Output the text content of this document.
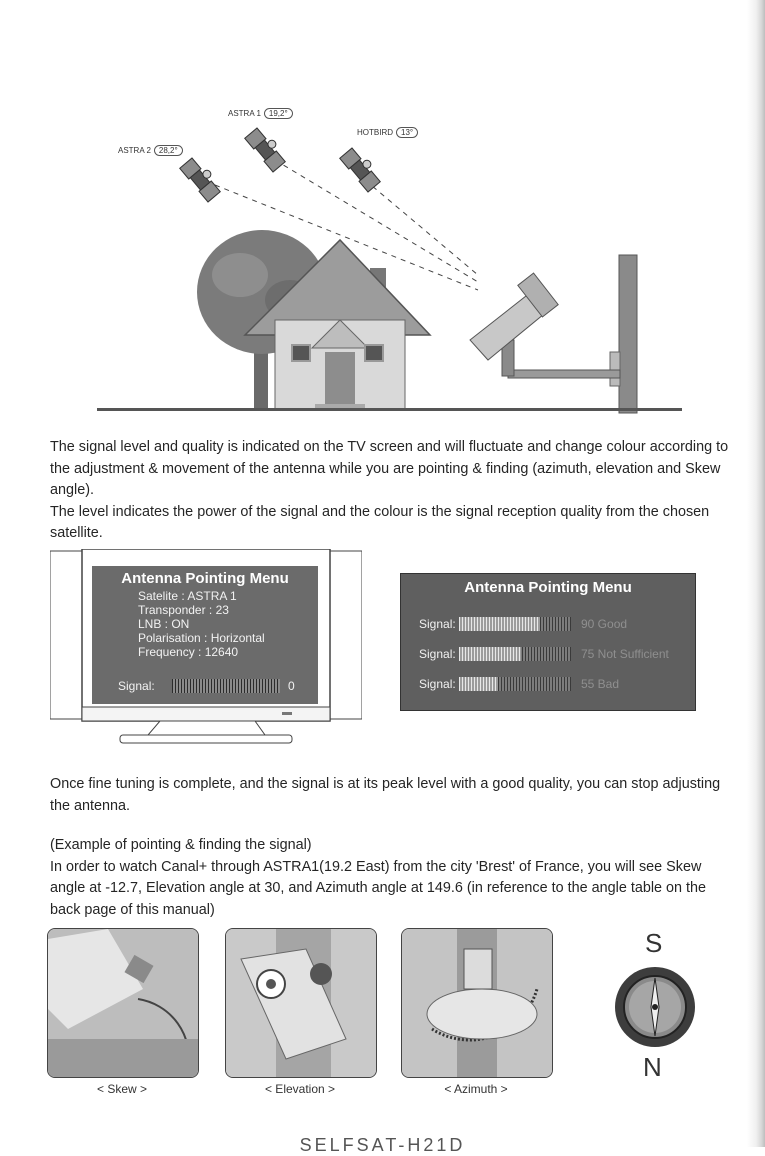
ASTRA 2 28,2°
ASTRA 1 19,2°
HOTBIRD 13°

The signal level and quality is indicated on the TV screen and will fluctuate and change colour according to the adjustment & movement of the antenna while you are pointing & finding (azimuth, elevation and Skew angle).

The level indicates the power of the signal and the colour is the signal reception quality from the chosen satellite.

Antenna Pointing Menu
Satelite : ASTRA 1
Transponder : 23
LNB : ON
Polarisation : Horizontal
Frequency : 12640
Signal:	0
Antenna Pointing Menu
Signal:	90 Good
Signal:	75 Not Sufficient
Signal:	55 Bad

Once fine tuning is complete, and the signal is at its peak level with a good quality, you can stop adjusting the antenna.

(Example of pointing & finding the signal)

In order to watch Canal+ through ASTRA1(19.2 East) from the city 'Brest' of France, you will see Skew angle at -12.7, Elevation angle at 30, and Azimuth angle at 149.6 (in reference to the angle table on the back page of this manual)

S
N
< Skew >	< Elevation >	< Azimuth >
SELFSAT-H21D
